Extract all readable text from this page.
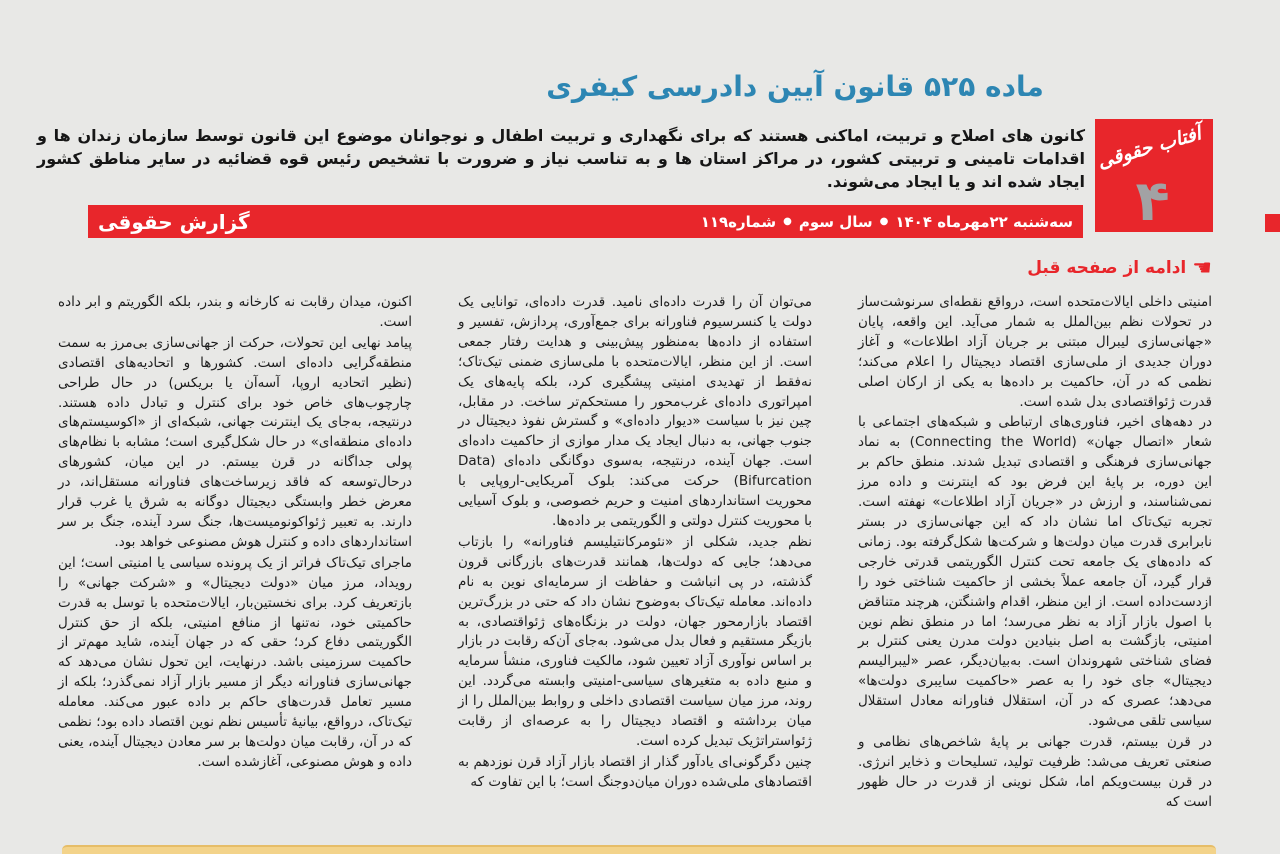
ماده ۵۲۵ قانون آیین دادرسی کیفری
کانون های اصلاح و تربیت، اماکنی هستند که برای نگهداری و تربیت اطفال و نوجوانان موضوع این قانون توسط سازمان زندان ها و اقدامات تامینی و تربیتی کشور، در مراکز استان ها و به تناسب نیاز و ضرورت با تشخیص رئیس قوه قضائیه در سایر مناطق کشور ایجاد شده اند و یا ایجاد می‌شوند.
آفتاب حقوقی
۴
سه‌شنبه ۲۲مهرماه ۱۴۰۴
●
سال سوم
●
شماره۱۱۹
گزارش حقوقی
ادامه از صفحه قبل ☚

امنیتی داخلی ایالات‌متحده است، درواقع نقطه‌ای سرنوشت‌ساز در تحولات نظم بین‌الملل به شمار می‌آید. این واقعه، پایان «جهانی‌سازی لیبرال مبتنی بر جریان آزاد اطلاعات» و آغاز دوران جدیدی از ملی‌سازی اقتصاد دیجیتال را اعلام می‌کند؛ نظمی که در آن، حاکمیت بر داده‌ها به یکی از ارکان اصلی قدرت ژئواقتصادی بدل شده است.

در دهه‌های اخیر، فناوری‌های ارتباطی و شبکه‌های اجتماعی با شعار «اتصال جهان» (Connecting the World) به نماد جهانی‌سازی فرهنگی و اقتصادی تبدیل شدند. منطق حاکم بر این دوره، بر پایهٔ این فرض بود که اینترنت و داده مرز نمی‌شناسند، و ارزش در «جریان آزاد اطلاعات» نهفته است. تجربه تیک‌تاک اما نشان داد که این جهانی‌سازی در بستر نابرابری قدرت میان دولت‌ها و شرکت‌ها شکل‌گرفته بود. زمانی که داده‌های یک جامعه تحت کنترل الگوریتمی قدرتی خارجی قرار گیرد، آن جامعه عملاً بخشی از حاکمیت شناختی خود را ازدست‌داده است. از این منظر، اقدام واشنگتن، هرچند متناقض با اصول بازار آزاد به نظر می‌رسد؛ اما در منطق نظم نوین امنیتی، بازگشت به اصل بنیادین دولت مدرن یعنی کنترل بر فضای شناختی شهروندان است. به‌بیان‌دیگر، عصر «لیبرالیسم دیجیتال» جای خود را به عصر «حاکمیت سایبری دولت‌ها» می‌دهد؛ عصری که در آن، استقلال فناورانه معادل استقلال سیاسی تلقی می‌شود.

در قرن بیستم، قدرت جهانی بر پایهٔ شاخص‌های نظامی و صنعتی تعریف می‌شد: ظرفیت تولید، تسلیحات و ذخایر انرژی. در قرن بیست‌ویکم اما، شکل نوینی از قدرت در حال ظهور است که

می‌توان آن را قدرت داده‌ای نامید. قدرت داده‌ای، توانایی یک دولت یا کنسرسیوم فناورانه برای جمع‌آوری، پردازش، تفسیر و استفاده از داده‌ها به‌منظور پیش‌بینی و هدایت رفتار جمعی است. از این منظر، ایالات‌متحده با ملی‌سازی ضمنی تیک‌تاک؛ نه‌فقط از تهدیدی امنیتی پیشگیری کرد، بلکه پایه‌های یک امپراتوری داده‌ای غرب‌محور را مستحکم‌تر ساخت. در مقابل، چین نیز با سیاست «دیوار داده‌ای» و گسترش نفوذ دیجیتال در جنوب جهانی، به دنبال ایجاد یک مدار موازی از حاکمیت داده‌ای است. جهان آینده، درنتیجه، به‌سوی دوگانگی داده‌ای (Data Bifurcation) حرکت می‌کند: بلوک آمریکایی-اروپایی با محوریت استانداردهای امنیت و حریم خصوصی، و بلوک آسیایی با محوریت کنترل دولتی و الگوریتمی بر داده‌ها.

نظم جدید، شکلی از «نئومرکانتیلیسم فناورانه» را بازتاب می‌دهد؛ جایی که دولت‌ها، همانند قدرت‌های بازرگانی قرون گذشته، در پی انباشت و حفاظت از سرمایه‌ای نوین به نام داده‌اند. معامله تیک‌تاک به‌وضوح نشان داد که حتی در بزرگ‌ترین اقتصاد بازارمحور جهان، دولت در بزنگاه‌های ژئواقتصادی، به بازیگر مستقیم و فعال بدل می‌شود. به‌جای آن‌که رقابت در بازار بر اساس نوآوری آزاد تعیین شود، مالکیت فناوری، منشأ سرمایه و منبع داده به متغیرهای سیاسی-امنیتی وابسته می‌گردد. این روند، مرز میان سیاست اقتصادی داخلی و روابط بین‌الملل را از میان برداشته و اقتصاد دیجیتال را به عرصه‌ای از رقابت ژئواستراتژیک تبدیل کرده است.

چنین دگرگونی‌ای یادآور گذار از اقتصاد بازار آزاد قرن نوزدهم به اقتصادهای ملی‌شده دوران میان‌دوجنگ است؛ با این تفاوت که

اکنون، میدان رقابت نه کارخانه و بندر، بلکه الگوریتم و ابر داده است.

پیامد نهایی این تحولات، حرکت از جهانی‌سازی بی‌مرز به سمت منطقه‌گرایی داده‌ای است. کشورها و اتحادیه‌های اقتصادی (نظیر اتحادیه اروپا، آسه‌آن یا بریکس) در حال طراحی چارچوب‌های خاص خود برای کنترل و تبادل داده هستند. درنتیجه، به‌جای یک اینترنت جهانی، شبکه‌ای از «اکوسیستم‌های داده‌ای منطقه‌ای» در حال شکل‌گیری است؛ مشابه با نظام‌های پولی جداگانه در قرن بیستم. در این میان، کشورهای درحال‌توسعه که فاقد زیرساخت‌های فناورانه مستقل‌اند، در معرض خطر وابستگی دیجیتال دوگانه به شرق یا غرب قرار دارند. به تعبیر ژئواکونومیست‌ها، جنگ سرد آینده، جنگ بر سر استانداردهای داده و کنترل هوش مصنوعی خواهد بود.

ماجرای تیک‌تاک فراتر از یک پرونده سیاسی یا امنیتی است؛ این رویداد، مرز میان «دولت دیجیتال» و «شرکت جهانی» را بازتعریف کرد. برای نخستین‌بار، ایالات‌متحده با توسل به قدرت حاکمیتی خود، نه‌تنها از منافع امنیتی، بلکه از حق کنترل الگوریتمی دفاع کرد؛ حقی که در جهان آینده، شاید مهم‌تر از حاکمیت سرزمینی باشد. درنهایت، این تحول نشان می‌دهد که جهانی‌سازی فناورانه دیگر از مسیر بازار آزاد نمی‌گذرد؛ بلکه از مسیر تعامل قدرت‌های حاکم بر داده عبور می‌کند. معامله تیک‌تاک، درواقع، بیانیهٔ تأسیس نظم نوین اقتصاد داده بود؛ نظمی که در آن، رقابت میان دولت‌ها بر سر معادن دیجیتال آینده، یعنی داده و هوش مصنوعی، آغازشده است.
